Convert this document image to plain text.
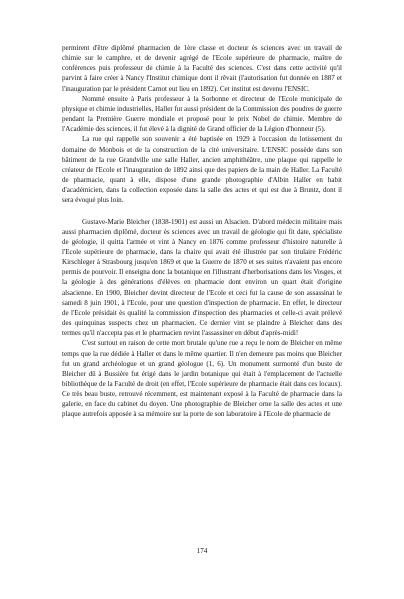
permirent d'être diplômé pharmacien de 1ère classe et docteur ès sciences avec un travail de chimie sur le camphre, et de devenir agrégé de l'Ecole supérieure de pharmacie, maître de conférences puis professeur de chimie à la Faculté des sciences. C'est dans cette activité qu'il parvint à faire créer à Nancy l'Institut chimique dont il rêvait (l'autorisation fut donnée en 1887 et l'inauguration par le président Carnot eut lieu en 1892). Cet institut est devenu l'ENSIC.

Nommé ensuite à Paris professeur à la Sorbonne et directeur de l'Ecole municipale de physique et chimie industrielles, Haller fut aussi président de la Commission des poudres de guerre pendant la Première Guerre mondiale et proposé pour le prix Nobel de chimie. Membre de l'Académie des sciences, il fut élevé à la dignité de Grand officier de la Légion d'honneur (5).

La rue qui rappelle son souvenir a été baptisée en 1929 à l'occasion du lotissement du domaine de Monbois et de la construction de la cité universitaire. L'ENSIC possède dans son bâtiment de la rue Grandville une salle Haller, ancien amphithéâtre, une plaque qui rappelle le créateur de l'Ecole et l'inauguration de 1892 ainsi que des papiers de la main de Haller. La Faculté de pharmacie, quant à elle, dispose d'une grande photographie d'Albin Haller en habit d'académicien, dans la collection exposée dans la salle des actes et qui est due à Bruntz, dont il sera évoqué plus loin.

Gustave-Marie Bleicher (1838-1901) est aussi un Alsacien. D'abord médecin militaire mais aussi pharmacien diplômé, docteur ès sciences avec un travail de géologie qui fit date, spécialiste de géologie, il quitta l'armée et vint à Nancy en 1876 comme professeur d'histoire naturelle à l'Ecole supérieure de pharmacie, dans la chaire qui avait été illustrée par son titulaire Frédéric Kirschleger à Strasbourg jusqu'en 1869 et que la Guerre de 1870 et ses suites n'avaient pas encore permis de pourvoir. Il enseigna donc la botanique en l'illustrant d'herborisations dans les Vosges, et la géologie à des générations d'élèves en pharmacie dont environ un quart était d'origine alsacienne. En 1900, Bleicher devint directeur de l'Ecole et ceci fut la cause de son assassinat le samedi 8 juin 1901, à l'Ecole, pour une question d'inspection de pharmacie. En effet, le directeur de l'Ecole présidait ès qualité la commission d'inspection des pharmacies et celle-ci avait prélevé des quinquinas suspects chez un pharmacien. Ce dernier vint se plaindre à Bleicher dans des termes qu'il n'accepta pas et le pharmacien revint l'assassiner en début d'après-midi!

C'est surtout en raison de cette mort brutale qu'une rue a reçu le nom de Bleicher en même temps que la rue dédiée à Haller et dans le même quartier. Il n'en demeure pas moins que Bleicher fut un grand archéologue et un grand géologue (1, 6). Un monument surmonté d'un buste de Bleicher dû à Bussière fut érigé dans le jardin botanique qui était à l'emplacement de l'actuelle bibliothèque de la Faculté de droit (en effet, l'Ecole supérieure de pharmacie était dans ces locaux). Ce très beau buste, retrouvé récemment, est maintenant exposé à la Faculté de pharmacie dans la galerie, en face du cabinet du doyen. Une photographie de Bleicher orne la salle des actes et une plaque autrefois apposée à sa mémoire sur la porte de son laboratoire à l'Ecole de pharmacie de

174
